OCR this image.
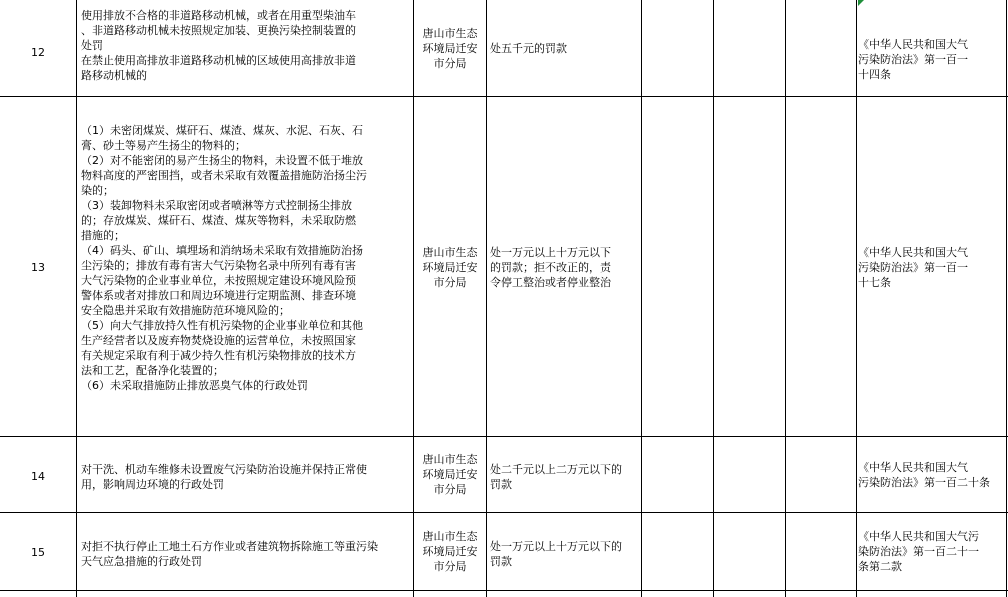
12
使用排放不合格的非道路移动机械，或者在用重型柴油车
、非道路移动机械未按照规定加装、更换污染控制装置的
处罚
在禁止使用高排放非道路移动机械的区域使用高排放非道
路移动机械的
唐山市生态
环境局迁安
市分局
处五千元的罚款	《中华人民共和国大气
污染防治法》第一百一
十四条
13
（1）未密闭煤炭、煤矸石、煤渣、煤灰、水泥、石灰、石
膏、砂土等易产生扬尘的物料的；
（2）对不能密闭的易产生扬尘的物料，未设置不低于堆放
物料高度的严密围挡，或者未采取有效覆盖措施防治扬尘污
染的；
（3）装卸物料未采取密闭或者喷淋等方式控制扬尘排放
的；存放煤炭、煤矸石、煤渣、煤灰等物料，未采取防燃
措施的；
（4）码头、矿山、填埋场和消纳场未采取有效措施防治扬
尘污染的；排放有毒有害大气污染物名录中所列有毒有害
大气污染物的企业事业单位，未按照规定建设环境风险预
警体系或者对排放口和周边环境进行定期监测、排查环境
安全隐患并采取有效措施防范环境风险的；
（5）向大气排放持久性有机污染物的企业事业单位和其他
生产经营者以及废弃物焚烧设施的运营单位，未按照国家
有关规定采取有利于减少持久性有机污染物排放的技术方
法和工艺，配备净化装置的；
（6）未采取措施防止排放恶臭气体的行政处罚
唐山市生态
环境局迁安
市分局
处一万元以上十万元以下
的罚款；拒不改正的，责
令停工整治或者停业整治
《中华人民共和国大气
污染防治法》第一百一
十七条
14
对干洗、机动车维修未设置废气污染防治设施并保持正常使
用，影响周边环境的行政处罚
唐山市生态
环境局迁安
市分局
处二千元以上二万元以下的
罚款
《中华人民共和国大气
污染防治法》第一百二十条
15	对拒不执行停止工地土石方作业或者建筑物拆除施工等重污染
天气应急措施的行政处罚
唐山市生态
环境局迁安
市分局
处一万元以上十万元以下的
罚款
《中华人民共和国大气污
染防治法》第一百二十一
条第二款
